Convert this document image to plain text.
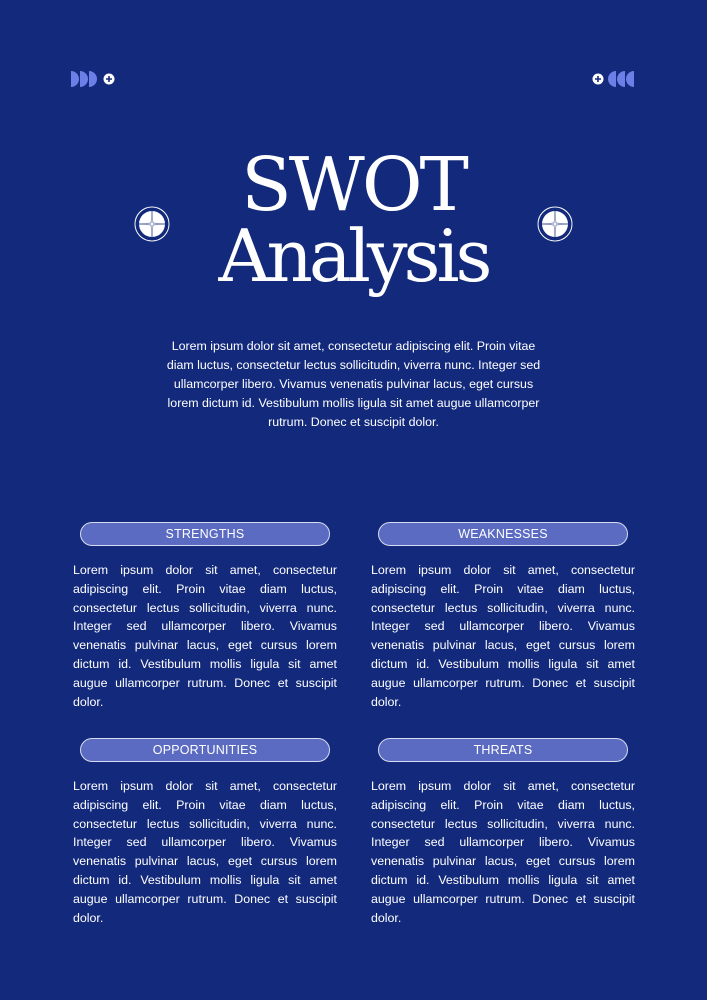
SWOT
Analysis

Lorem ipsum dolor sit amet, consectetur adipiscing elit. Proin vitae diam luctus, consectetur lectus sollicitudin, viverra nunc. Integer sed ullamcorper libero. Vivamus venenatis pulvinar lacus, eget cursus lorem dictum id. Vestibulum mollis ligula sit amet augue ullamcorper rutrum. Donec et suscipit dolor.

STRENGTHS

Lorem ipsum dolor sit amet, consectetur adipiscing elit. Proin vitae diam luctus, consectetur lectus sollicitudin, viverra nunc. Integer sed ullamcorper libero. Vivamus venenatis pulvinar lacus, eget cursus lorem dictum id. Vestibulum mollis ligula sit amet augue ullamcorper rutrum. Donec et suscipit dolor.

WEAKNESSES

Lorem ipsum dolor sit amet, consectetur adipiscing elit. Proin vitae diam luctus, consectetur lectus sollicitudin, viverra nunc. Integer sed ullamcorper libero. Vivamus venenatis pulvinar lacus, eget cursus lorem dictum id. Vestibulum mollis ligula sit amet augue ullamcorper rutrum. Donec et suscipit dolor.

OPPORTUNITIES

Lorem ipsum dolor sit amet, consectetur adipiscing elit. Proin vitae diam luctus, consectetur lectus sollicitudin, viverra nunc. Integer sed ullamcorper libero. Vivamus venenatis pulvinar lacus, eget cursus lorem dictum id. Vestibulum mollis ligula sit amet augue ullamcorper rutrum. Donec et suscipit dolor.

THREATS

Lorem ipsum dolor sit amet, consectetur adipiscing elit. Proin vitae diam luctus, consectetur lectus sollicitudin, viverra nunc. Integer sed ullamcorper libero. Vivamus venenatis pulvinar lacus, eget cursus lorem dictum id. Vestibulum mollis ligula sit amet augue ullamcorper rutrum. Donec et suscipit dolor.
